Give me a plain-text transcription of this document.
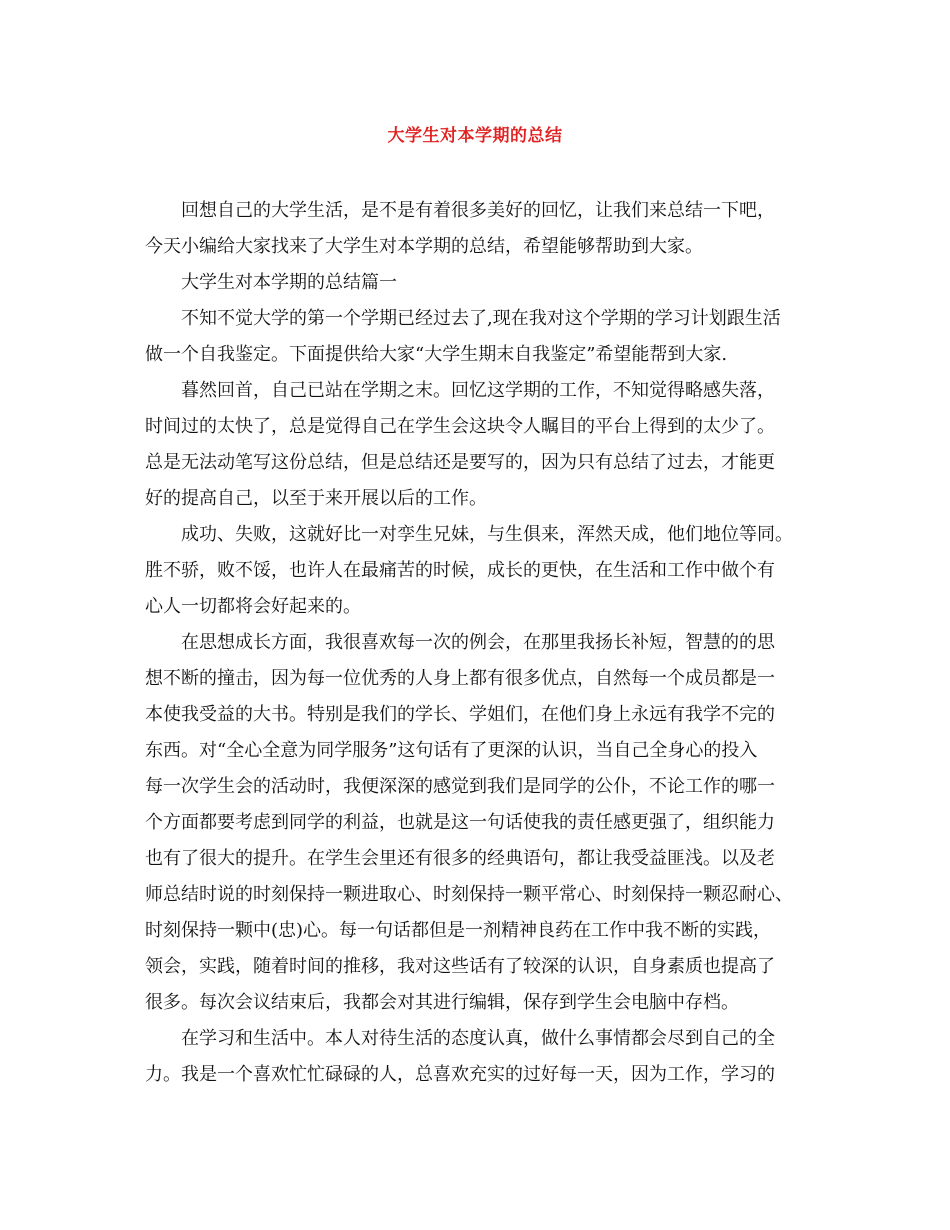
大学生对本学期的总结
回想自己的大学生活，是不是有着很多美好的回忆，让我们来总结一下吧，
今天小编给大家找来了大学生对本学期的总结，希望能够帮助到大家。
大学生对本学期的总结篇一
不知不觉大学的第一个学期已经过去了,现在我对这个学期的学习计划跟生活
做一个自我鉴定。下面提供给大家“大学生期末自我鉴定”希望能帮到大家.
暮然回首，自己已站在学期之末。回忆这学期的工作，不知觉得略感失落，
时间过的太快了，总是觉得自己在学生会这块令人瞩目的平台上得到的太少了。
总是无法动笔写这份总结，但是总结还是要写的，因为只有总结了过去，才能更
好的提高自己，以至于来开展以后的工作。
成功、失败，这就好比一对孪生兄妹，与生俱来，浑然天成，他们地位等同。
胜不骄，败不馁，也许人在最痛苦的时候，成长的更快，在生活和工作中做个有
心人一切都将会好起来的。
在思想成长方面，我很喜欢每一次的例会，在那里我扬长补短，智慧的的思
想不断的撞击，因为每一位优秀的人身上都有很多优点，自然每一个成员都是一
本使我受益的大书。特别是我们的学长、学姐们，在他们身上永远有我学不完的
东西。对“全心全意为同学服务”这句话有了更深的认识，当自己全身心的投入
每一次学生会的活动时，我便深深的感觉到我们是同学的公仆，不论工作的哪一
个方面都要考虑到同学的利益，也就是这一句话使我的责任感更强了，组织能力
也有了很大的提升。在学生会里还有很多的经典语句，都让我受益匪浅。以及老
师总结时说的时刻保持一颗进取心、时刻保持一颗平常心、时刻保持一颗忍耐心、
时刻保持一颗中(忠)心。每一句话都但是一剂精神良药在工作中我不断的实践，
领会，实践，随着时间的推移，我对这些话有了较深的认识，自身素质也提高了
很多。每次会议结束后，我都会对其进行编辑，保存到学生会电脑中存档。
在学习和生活中。本人对待生活的态度认真，做什么事情都会尽到自己的全
力。我是一个喜欢忙忙碌碌的人，总喜欢充实的过好每一天，因为工作，学习的
